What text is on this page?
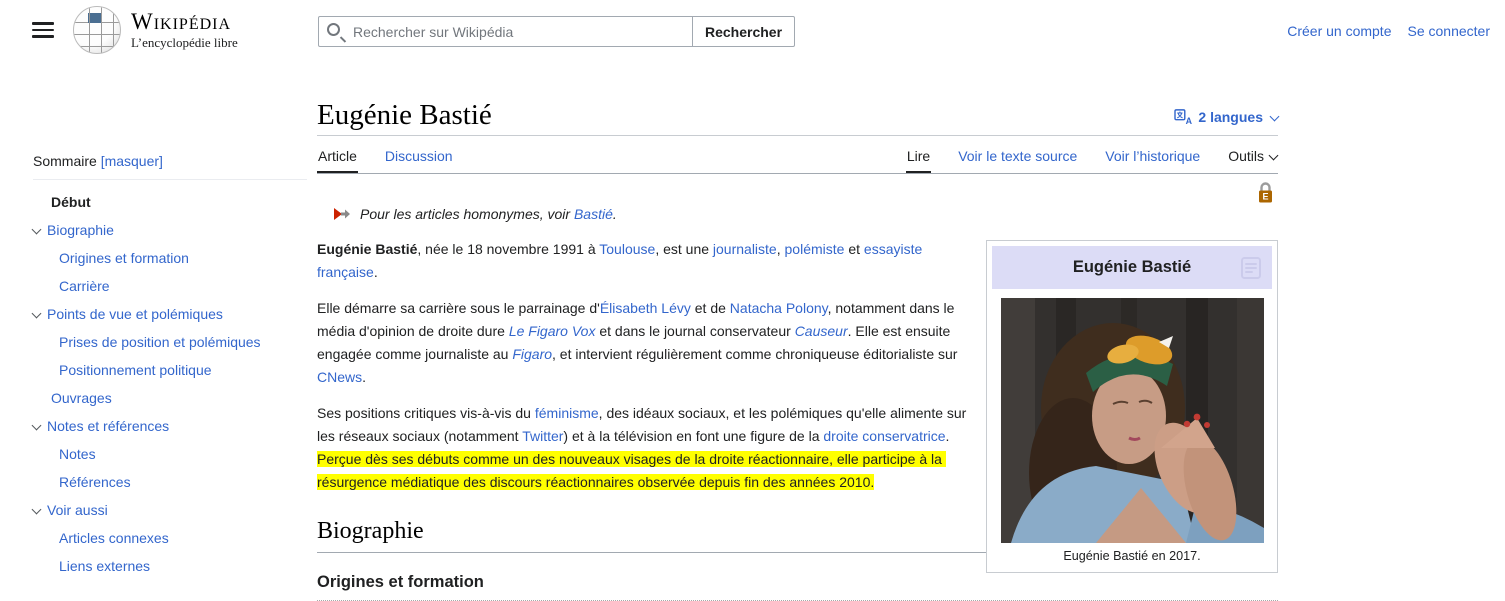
Wikipédia
L’encyclopédie libre
Rechercher sur Wikipédia
Rechercher	Créer un compte Se connecter
Sommaire [masquer]
Début
Biographie
Origines et formation
Carrière
Points de vue et polémiques
Prises de position et polémiques
Positionnement politique
Ouvrages
Notes et références
Notes
Références
Voir aussi
Articles connexes
Liens externes
Eugénie Bastié	A 2 langues
Article Discussion	Lire Voir le texte source Voir l’historique Outils
E
Pour les articles homonymes, voir Bastié.
Eugénie Bastié
Eugénie Bastié en 2017.

Eugénie Bastié, née le 18 novembre 1991 à Toulouse, est une journaliste, polémiste et essayiste française.

Elle démarre sa carrière sous le parrainage d'Élisabeth Lévy et de Natacha Polony, notamment dans le média d'opinion de droite dure Le Figaro Vox et dans le journal conservateur Causeur. Elle est ensuite engagée comme journaliste au Figaro, et intervient régulièrement comme chroniqueuse éditorialiste sur CNews.

Ses positions critiques vis-à-vis du féminisme, des idéaux sociaux, et les polémiques qu'elle alimente sur les réseaux sociaux (notamment Twitter) et à la télévision en font une figure de la droite conservatrice. Perçue dès ses débuts comme un des nouveaux visages de la droite réactionnaire, elle participe à la résurgence médiatique des discours réactionnaires observée depuis fin des années 2010.

Biographie
Origines et formation
